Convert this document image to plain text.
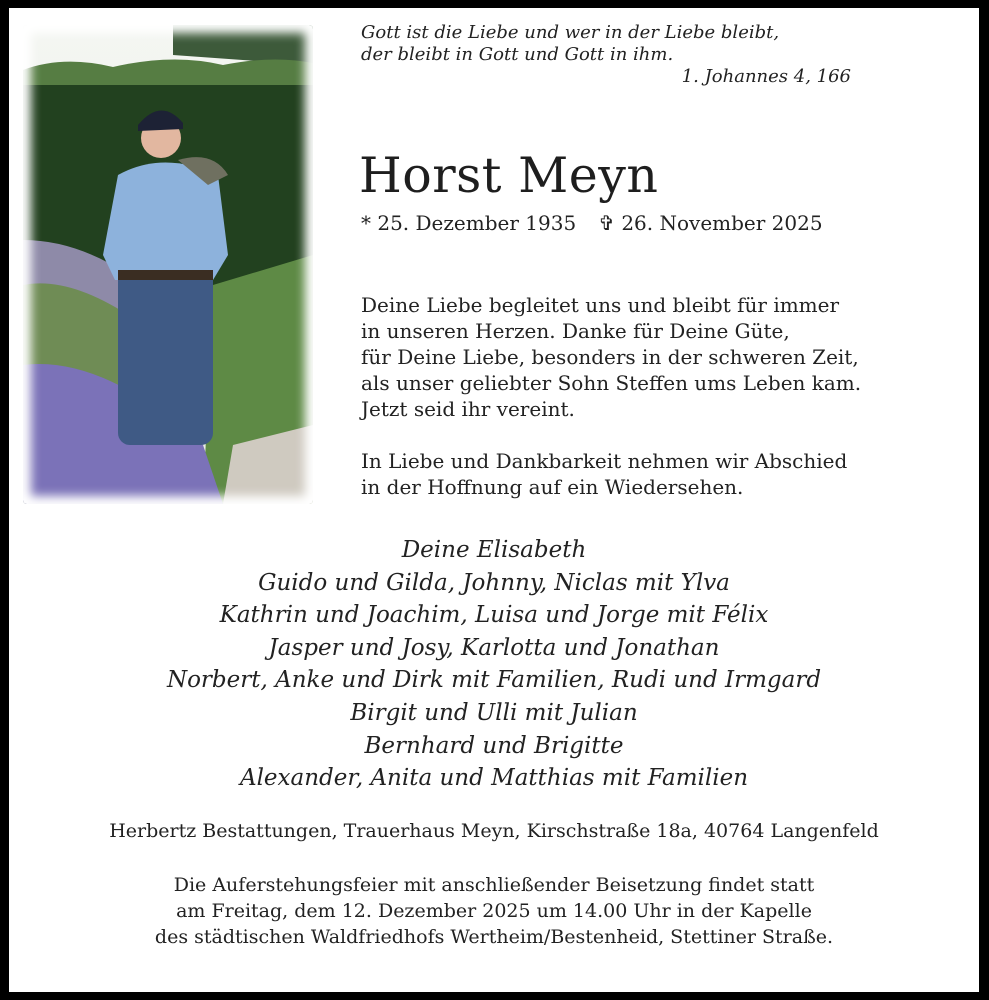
Gott ist die Liebe und wer in der Liebe bleibt,
der bleibt in Gott und Gott in ihm.
1. Johannes 4, 166
Horst Meyn
* 25. Dezember 1935 ✞ 26. November 2025

Deine Liebe begleitet uns und bleibt für immer

in unseren Herzen. Danke für Deine Güte,

für Deine Liebe, besonders in der schweren Zeit,

als unser geliebter Sohn Steffen ums Leben kam.

Jetzt seid ihr vereint.

In Liebe und Dankbarkeit nehmen wir Abschied

in der Hoffnung auf ein Wiedersehen.

Deine Elisabeth
Guido und Gilda, Johnny, Niclas mit Ylva
Kathrin und Joachim, Luisa und Jorge mit Félix
Jasper und Josy, Karlotta und Jonathan
Norbert, Anke und Dirk mit Familien, Rudi und Irmgard
Birgit und Ulli mit Julian
Bernhard und Brigitte
Alexander, Anita und Matthias mit Familien
Herbertz Bestattungen, Trauerhaus Meyn, Kirschstraße 18a, 40764 Langenfeld
Die Auferstehungsfeier mit anschließender Beisetzung findet statt
am Freitag, dem 12. Dezember 2025 um 14.00 Uhr in der Kapelle
des städtischen Waldfriedhofs Wertheim/Bestenheid, Stettiner Straße.
